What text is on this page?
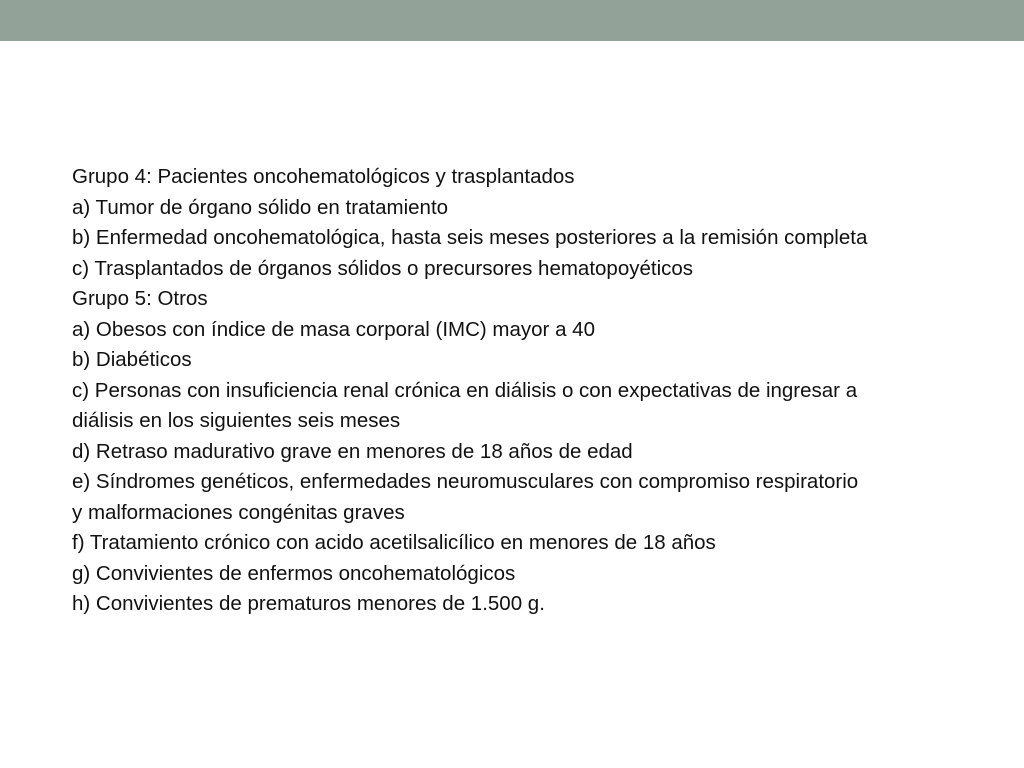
Grupo 4: Pacientes oncohematológicos y trasplantados
a) Tumor de órgano sólido en tratamiento
b) Enfermedad oncohematológica, hasta seis meses posteriores a la remisión completa
c) Trasplantados de órganos sólidos o precursores hematopoyéticos
Grupo 5: Otros
a) Obesos con índice de masa corporal (IMC) mayor a 40
b) Diabéticos
c) Personas con insuficiencia renal crónica en diálisis o con expectativas de ingresar a
diálisis en los siguientes seis meses
d) Retraso madurativo grave en menores de 18 años de edad
e) Síndromes genéticos, enfermedades neuromusculares con compromiso respiratorio
y malformaciones congénitas graves
f) Tratamiento crónico con acido acetilsalicílico en menores de 18 años
g) Convivientes de enfermos oncohematológicos
h) Convivientes de prematuros menores de 1.500 g.
